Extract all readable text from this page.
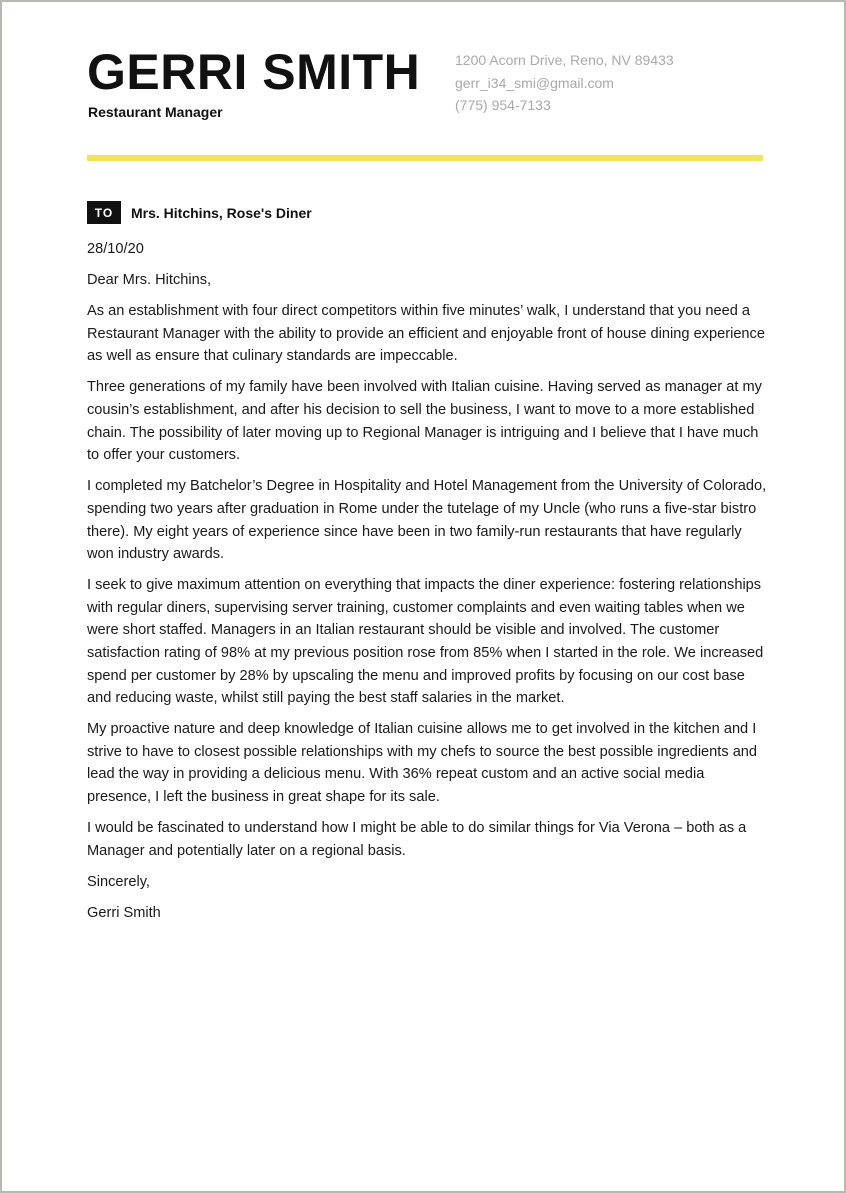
GERRI SMITH
Restaurant Manager
1200 Acorn Drive, Reno, NV 89433
gerr_i34_smi@gmail.com
(775) 954-7133
TO	Mrs. Hitchins, Rose's Diner

28/10/20

Dear Mrs. Hitchins,

As an establishment with four direct competitors within five minutes’ walk, I understand that you need a Restaurant Manager with the ability to provide an efficient and enjoyable front of house dining experience as well as ensure that culinary standards are impeccable.

Three generations of my family have been involved with Italian cuisine. Having served as manager at my cousin’s establishment, and after his decision to sell the business, I want to move to a more established chain. The possibility of later moving up to Regional Manager is intriguing and I believe that I have much to offer your customers.

I completed my Batchelor’s Degree in Hospitality and Hotel Management from the University of Colorado, spending two years after graduation in Rome under the tutelage of my Uncle (who runs a five-star bistro there). My eight years of experience since have been in two family-run restaurants that have regularly won industry awards.

I seek to give maximum attention on everything that impacts the diner experience: fostering relationships with regular diners, supervising server training, customer complaints and even waiting tables when we were short staffed. Managers in an Italian restaurant should be visible and involved. The customer satisfaction rating of 98% at my previous position rose from 85% when I started in the role. We increased spend per customer by 28% by upscaling the menu and improved profits by focusing on our cost base and reducing waste, whilst still paying the best staff salaries in the market.

My proactive nature and deep knowledge of Italian cuisine allows me to get involved in the kitchen and I strive to have to closest possible relationships with my chefs to source the best possible ingredients and lead the way in providing a delicious menu. With 36% repeat custom and an active social media presence, I left the business in great shape for its sale.

I would be fascinated to understand how I might be able to do similar things for Via Verona – both as a Manager and potentially later on a regional basis.

Sincerely,

Gerri Smith
